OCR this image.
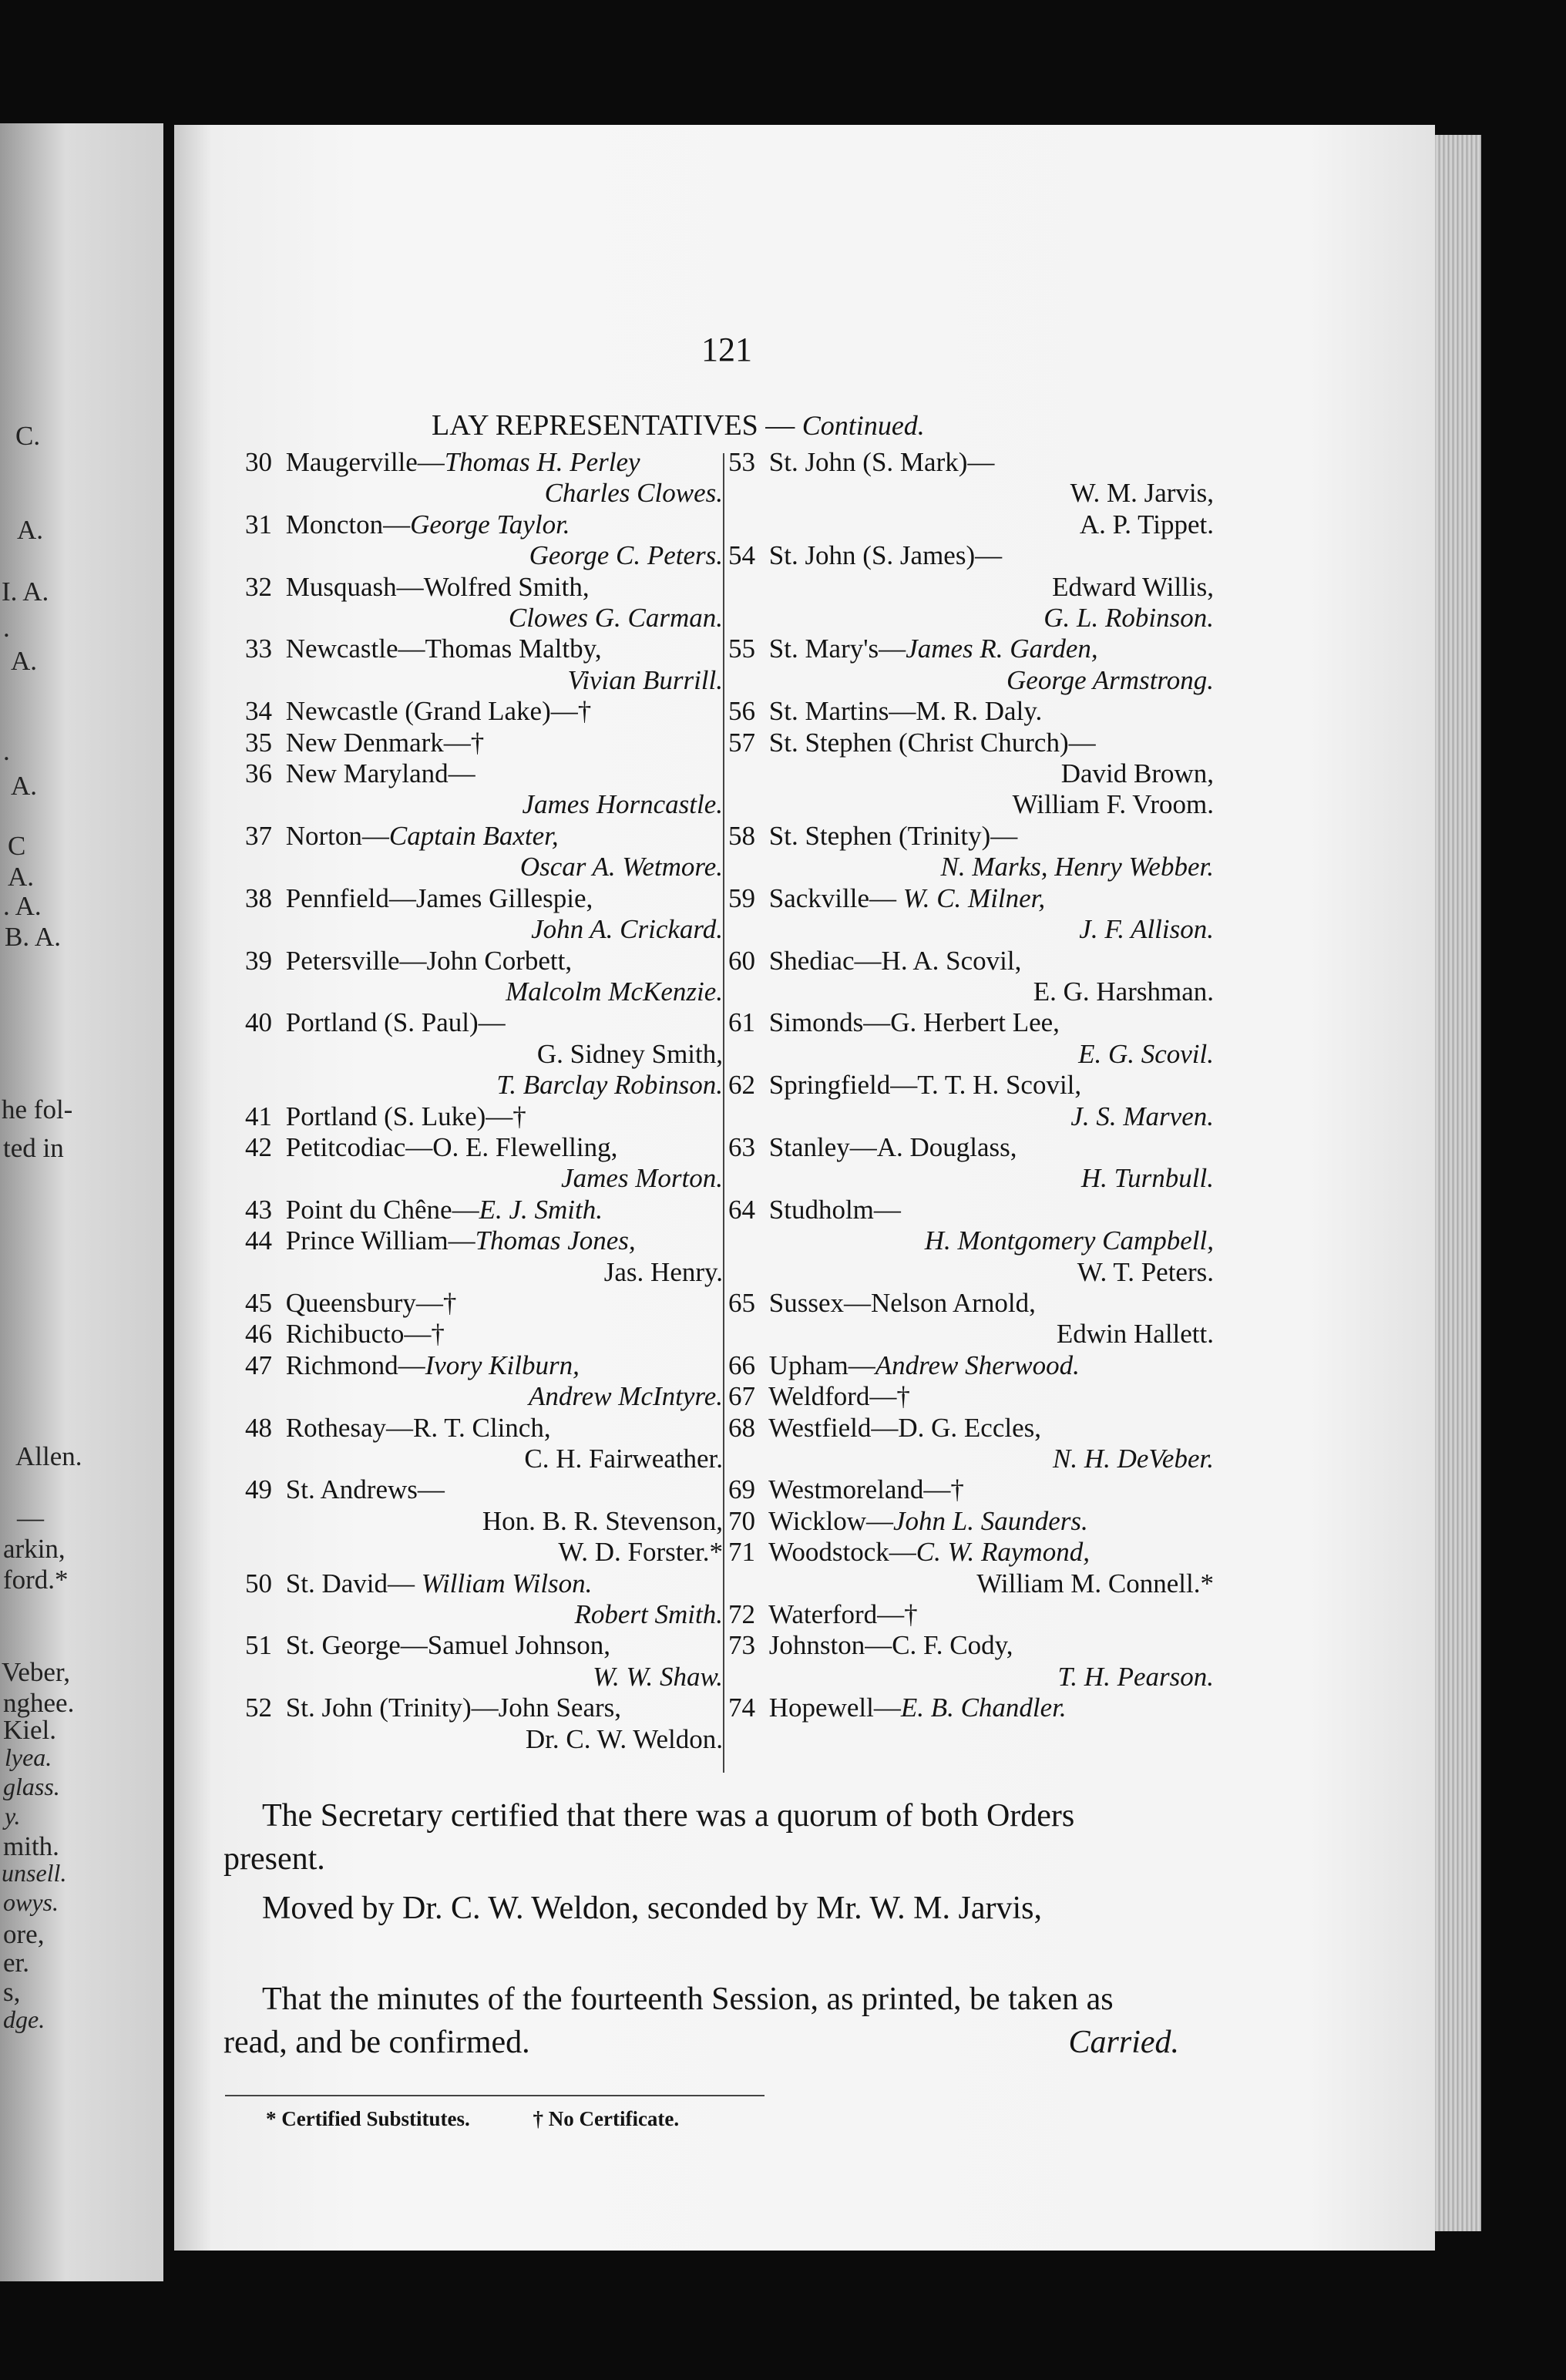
C.
A.
I. A.
.
A.
.
A.
C
A.
. A.
B. A.
he fol-
ted in
Allen.
—
arkin,
ford.*
Veber,
nghee.
Kiel.
lyea.
glass.
y.
mith.
unsell.
owys.
ore,
er.
s,
dge.
121
LAY REPRESENTATIVES — Continued.
30 Maugerville—Thomas H. Perley
Charles Clowes.
31 Moncton—George Taylor.
George C. Peters.
32 Musquash—Wolfred Smith,
Clowes G. Carman.
33 Newcastle—Thomas Maltby,
Vivian Burrill.
34 Newcastle (Grand Lake)—†
35 New Denmark—†
36 New Maryland—
James Horncastle.
37 Norton—Captain Baxter,
Oscar A. Wetmore.
38 Pennfield—James Gillespie,
John A. Crickard.
39 Petersville—John Corbett,
Malcolm McKenzie.
40 Portland (S. Paul)—
G. Sidney Smith,
T. Barclay Robinson.
41 Portland (S. Luke)—†
42 Petitcodiac—O. E. Flewelling,
James Morton.
43 Point du Chêne—E. J. Smith.
44 Prince William—Thomas Jones,
Jas. Henry.
45 Queensbury—†
46 Richibucto—†
47 Richmond—Ivory Kilburn,
Andrew McIntyre.
48 Rothesay—R. T. Clinch,
C. H. Fairweather.
49 St. Andrews—
Hon. B. R. Stevenson,
W. D. Forster.*
50 St. David— William Wilson.
Robert Smith.
51 St. George—Samuel Johnson,
W. W. Shaw.
52 St. John (Trinity)—John Sears,
Dr. C. W. Weldon.
53 St. John (S. Mark)—
W. M. Jarvis,
A. P. Tippet.
54 St. John (S. James)—
Edward Willis,
G. L. Robinson.
55 St. Mary's—James R. Garden,
George Armstrong.
56 St. Martins—M. R. Daly.
57 St. Stephen (Christ Church)—
David Brown,
William F. Vroom.
58 St. Stephen (Trinity)—
N. Marks, Henry Webber.
59 Sackville— W. C. Milner,
J. F. Allison.
60 Shediac—H. A. Scovil,
E. G. Harshman.
61 Simonds—G. Herbert Lee,
E. G. Scovil.
62 Springfield—T. T. H. Scovil,
J. S. Marven.
63 Stanley—A. Douglass,
H. Turnbull.
64 Studholm—
H. Montgomery Campbell,
W. T. Peters.
65 Sussex—Nelson Arnold,
Edwin Hallett.
66 Upham—Andrew Sherwood.
67 Weldford—†
68 Westfield—D. G. Eccles,
N. H. DeVeber.
69 Westmoreland—†
70 Wicklow—John L. Saunders.
71 Woodstock—C. W. Raymond,
William M. Connell.*
72 Waterford—†
73 Johnston—C. F. Cody,
T. H. Pearson.
74 Hopewell—E. B. Chandler.
The Secretary certified that there was a quorum of both Orders present.
Moved by Dr. C. W. Weldon, seconded by Mr. W. M. Jarvis,
That the minutes of the fourteenth Session, as printed, be taken as read, and be confirmed.	Carried.
* Certified Substitutes.	† No Certificate.
